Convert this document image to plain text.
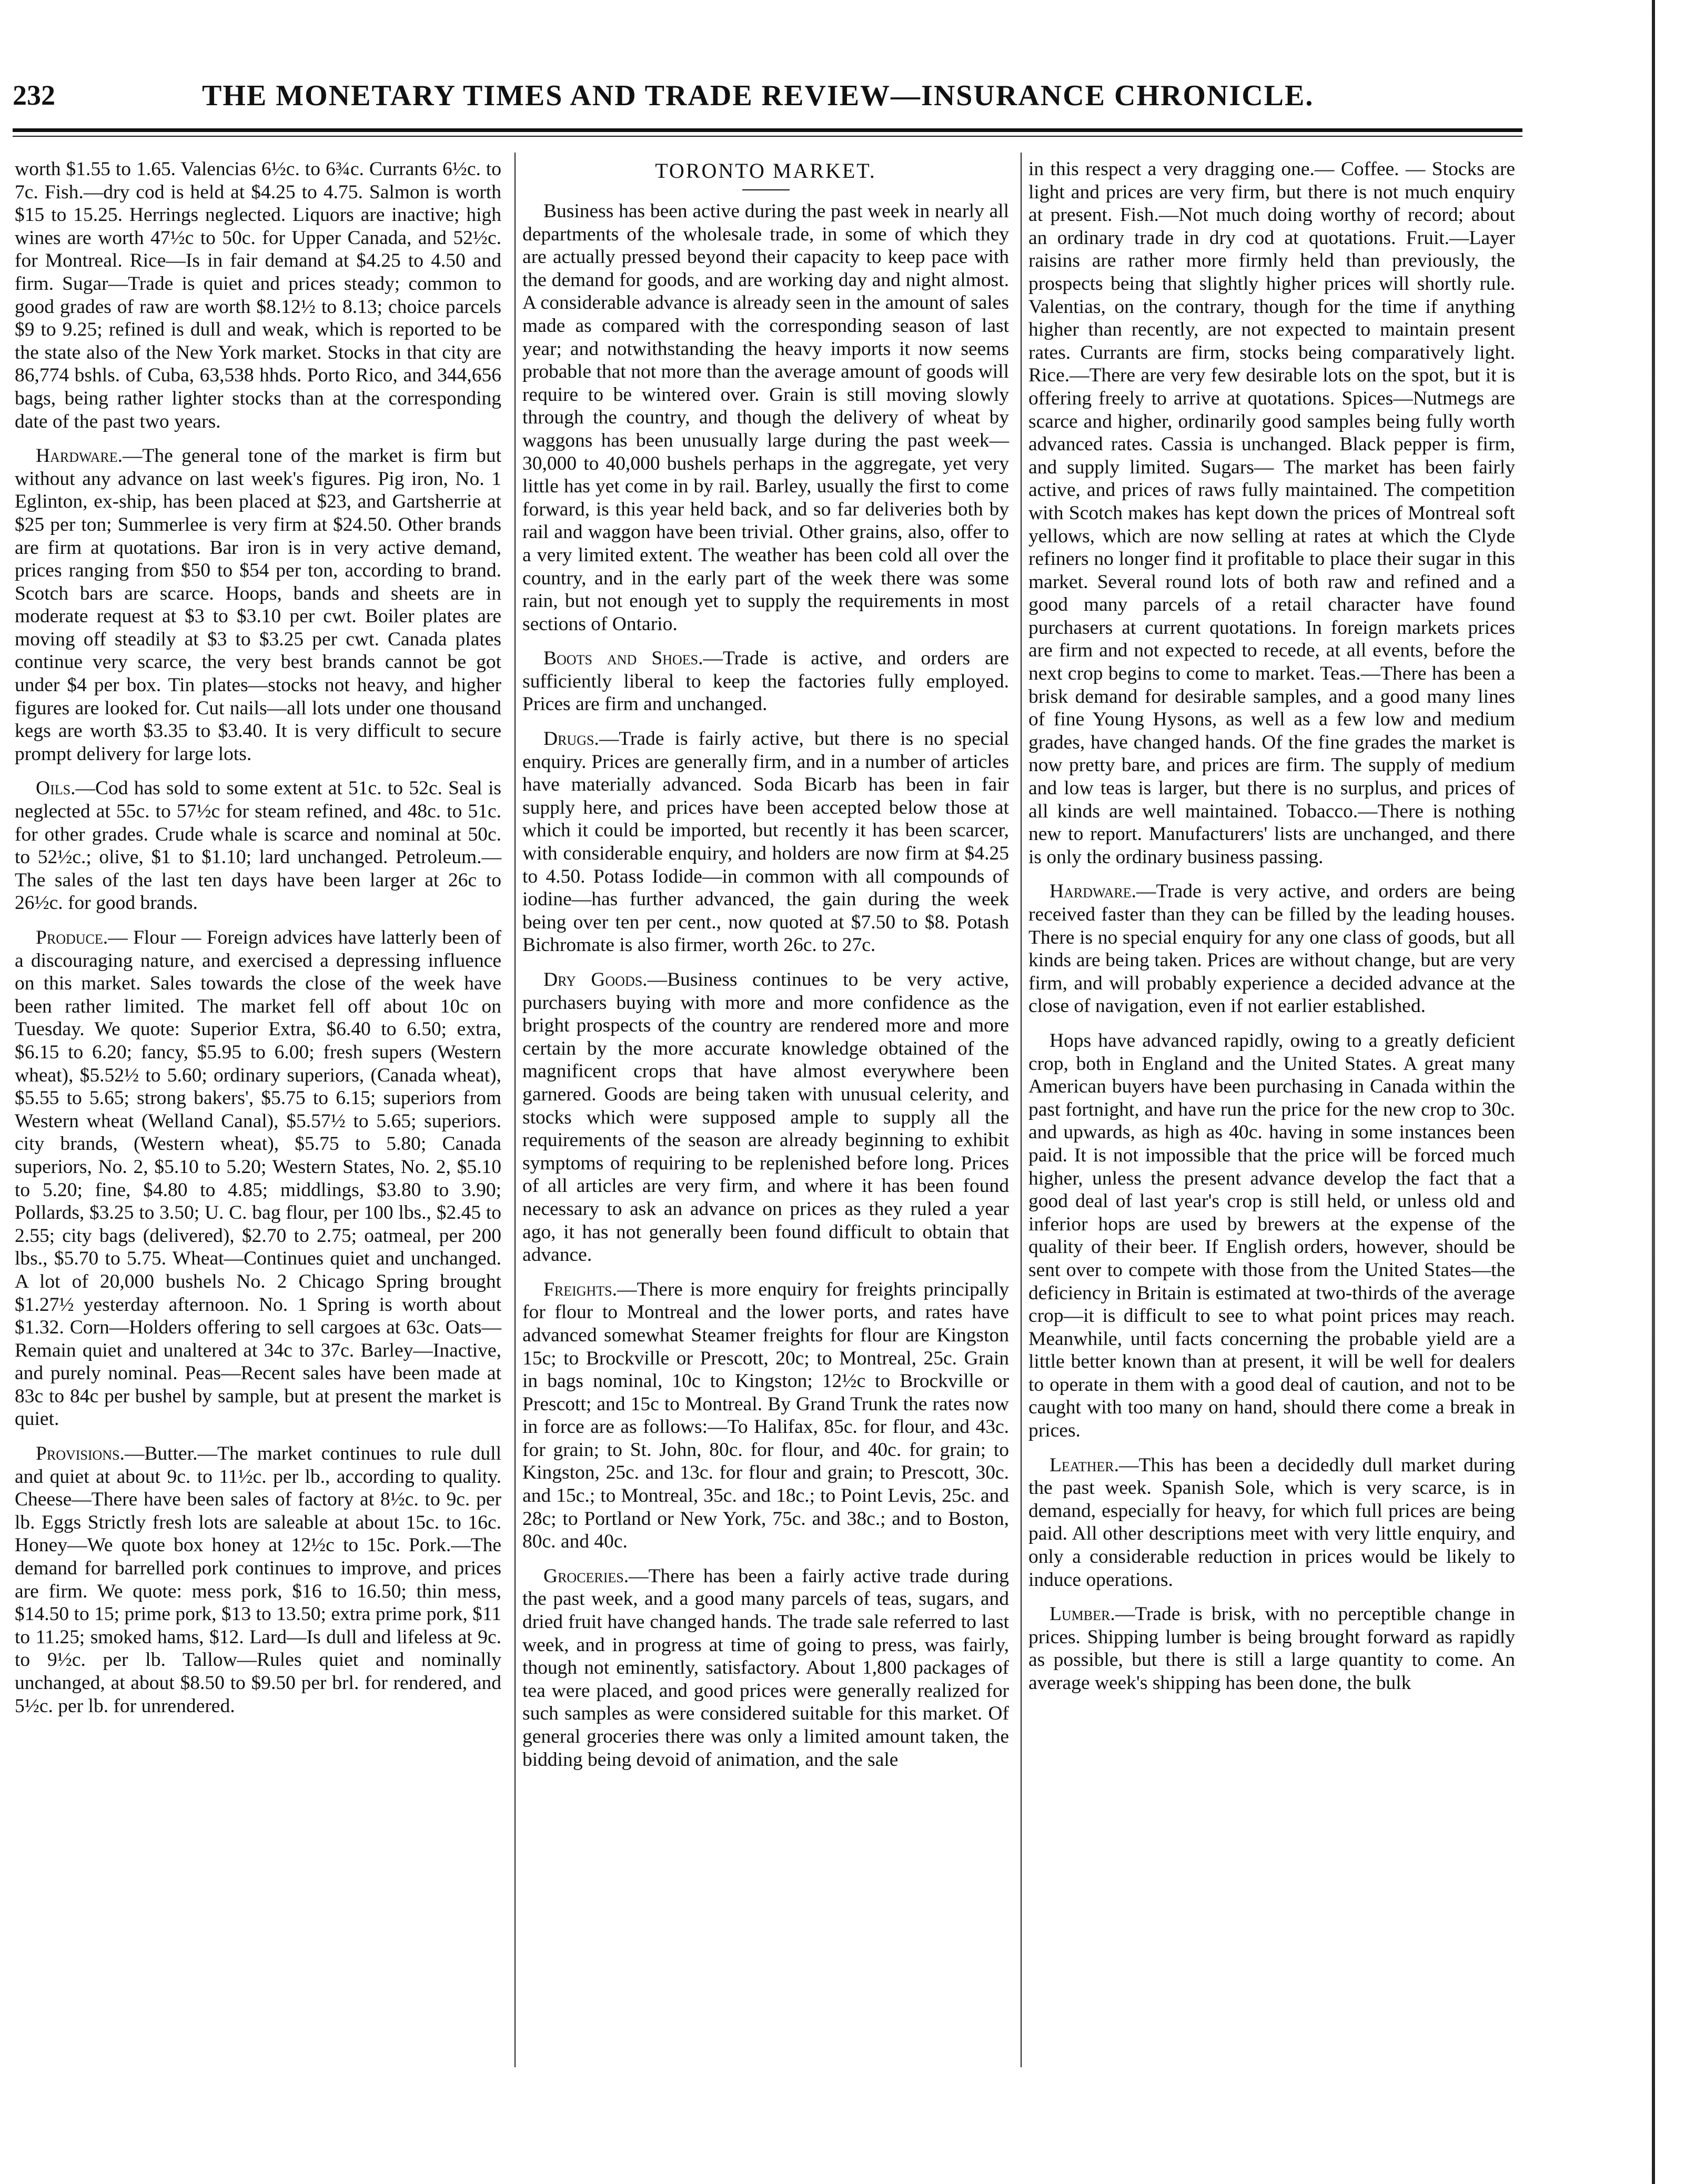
232	THE MONETARY TIMES AND TRADE REVIEW—INSURANCE CHRONICLE.

worth $1.55 to 1.65. Valencias 6½c. to 6¾c. Currants 6½c. to 7c. Fish.—dry cod is held at $4.25 to 4.75. Salmon is worth $15 to 15.25. Herrings neglected. Liquors are inactive; high wines are worth 47½c to 50c. for Upper Canada, and 52½c. for Montreal. Rice—Is in fair demand at $4.25 to 4.50 and firm. Sugar—Trade is quiet and prices steady; common to good grades of raw are worth $8.12½ to 8.13; choice parcels $9 to 9.25; refined is dull and weak, which is reported to be the state also of the New York market. Stocks in that city are 86,774 bshls. of Cuba, 63,538 hhds. Porto Rico, and 344,656 bags, being rather lighter stocks than at the corresponding date of the past two years.

Hardware.—The general tone of the market is firm but without any advance on last week's figures. Pig iron, No. 1 Eglinton, ex-ship, has been placed at $23, and Gartsherrie at $25 per ton; Summerlee is very firm at $24.50. Other brands are firm at quotations. Bar iron is in very active demand, prices ranging from $50 to $54 per ton, according to brand. Scotch bars are scarce. Hoops, bands and sheets are in moderate request at $3 to $3.10 per cwt. Boiler plates are moving off steadily at $3 to $3.25 per cwt. Canada plates continue very scarce, the very best brands cannot be got under $4 per box. Tin plates—stocks not heavy, and higher figures are looked for. Cut nails—all lots under one thousand kegs are worth $3.35 to $3.40. It is very difficult to secure prompt delivery for large lots.

Oils.—Cod has sold to some extent at 51c. to 52c. Seal is neglected at 55c. to 57½c for steam refined, and 48c. to 51c. for other grades. Crude whale is scarce and nominal at 50c. to 52½c.; olive, $1 to $1.10; lard unchanged. Petroleum.—The sales of the last ten days have been larger at 26c to 26½c. for good brands.

Produce.— Flour — Foreign advices have latterly been of a discouraging nature, and exercised a depressing influence on this market. Sales towards the close of the week have been rather limited. The market fell off about 10c on Tuesday. We quote: Superior Extra, $6.40 to 6.50; extra, $6.15 to 6.20; fancy, $5.95 to 6.00; fresh supers (Western wheat), $5.52½ to 5.60; ordinary superiors, (Canada wheat), $5.55 to 5.65; strong bakers', $5.75 to 6.15; superiors from Western wheat (Welland Canal), $5.57½ to 5.65; superiors. city brands, (Western wheat), $5.75 to 5.80; Canada superiors, No. 2, $5.10 to 5.20; Western States, No. 2, $5.10 to 5.20; fine, $4.80 to 4.85; middlings, $3.80 to 3.90; Pollards, $3.25 to 3.50; U. C. bag flour, per 100 lbs., $2.45 to 2.55; city bags (delivered), $2.70 to 2.75; oatmeal, per 200 lbs., $5.70 to 5.75. Wheat—Continues quiet and unchanged. A lot of 20,000 bushels No. 2 Chicago Spring brought $1.27½ yesterday afternoon. No. 1 Spring is worth about $1.32. Corn—Holders offering to sell cargoes at 63c. Oats—Remain quiet and unaltered at 34c to 37c. Barley—Inactive, and purely nominal. Peas—Recent sales have been made at 83c to 84c per bushel by sample, but at present the market is quiet.

Provisions.—Butter.—The market continues to rule dull and quiet at about 9c. to 11½c. per lb., according to quality. Cheese—There have been sales of factory at 8½c. to 9c. per lb. Eggs Strictly fresh lots are saleable at about 15c. to 16c. Honey—We quote box honey at 12½c to 15c. Pork.—The demand for barrelled pork continues to improve, and prices are firm. We quote: mess pork, $16 to 16.50; thin mess, $14.50 to 15; prime pork, $13 to 13.50; extra prime pork, $11 to 11.25; smoked hams, $12. Lard—Is dull and lifeless at 9c. to 9½c. per lb. Tallow—Rules quiet and nominally unchanged, at about $8.50 to $9.50 per brl. for rendered, and 5½c. per lb. for unrendered.

TORONTO MARKET.

Business has been active during the past week in nearly all departments of the wholesale trade, in some of which they are actually pressed beyond their capacity to keep pace with the demand for goods, and are working day and night almost. A considerable advance is already seen in the amount of sales made as compared with the corresponding season of last year; and notwithstanding the heavy imports it now seems probable that not more than the average amount of goods will require to be wintered over. Grain is still moving slowly through the country, and though the delivery of wheat by waggons has been unusually large during the past week—30,000 to 40,000 bushels perhaps in the aggregate, yet very little has yet come in by rail. Barley, usually the first to come forward, is this year held back, and so far deliveries both by rail and waggon have been trivial. Other grains, also, offer to a very limited extent. The weather has been cold all over the country, and in the early part of the week there was some rain, but not enough yet to supply the requirements in most sections of Ontario.

Boots and Shoes.—Trade is active, and orders are sufficiently liberal to keep the factories fully employed. Prices are firm and unchanged.

Drugs.—Trade is fairly active, but there is no special enquiry. Prices are generally firm, and in a number of articles have materially advanced. Soda Bicarb has been in fair supply here, and prices have been accepted below those at which it could be imported, but recently it has been scarcer, with considerable enquiry, and holders are now firm at $4.25 to 4.50. Potass Iodide—in common with all compounds of iodine—has further advanced, the gain during the week being over ten per cent., now quoted at $7.50 to $8. Potash Bichromate is also firmer, worth 26c. to 27c.

Dry Goods.—Business continues to be very active, purchasers buying with more and more confidence as the bright prospects of the country are rendered more and more certain by the more accurate knowledge obtained of the magnificent crops that have almost everywhere been garnered. Goods are being taken with unusual celerity, and stocks which were supposed ample to supply all the requirements of the season are already beginning to exhibit symptoms of requiring to be replenished before long. Prices of all articles are very firm, and where it has been found necessary to ask an advance on prices as they ruled a year ago, it has not generally been found difficult to obtain that advance.

Freights.—There is more enquiry for freights principally for flour to Montreal and the lower ports, and rates have advanced somewhat Steamer freights for flour are Kingston 15c; to Brockville or Prescott, 20c; to Montreal, 25c. Grain in bags nominal, 10c to Kingston; 12½c to Brockville or Prescott; and 15c to Montreal. By Grand Trunk the rates now in force are as follows:—To Halifax, 85c. for flour, and 43c. for grain; to St. John, 80c. for flour, and 40c. for grain; to Kingston, 25c. and 13c. for flour and grain; to Prescott, 30c. and 15c.; to Montreal, 35c. and 18c.; to Point Levis, 25c. and 28c; to Portland or New York, 75c. and 38c.; and to Boston, 80c. and 40c.

Groceries.—There has been a fairly active trade during the past week, and a good many parcels of teas, sugars, and dried fruit have changed hands. The trade sale referred to last week, and in progress at time of going to press, was fairly, though not eminently, satisfactory. About 1,800 packages of tea were placed, and good prices were generally realized for such samples as were considered suitable for this market. Of general groceries there was only a limited amount taken, the bidding being devoid of animation, and the sale

in this respect a very dragging one.— Coffee. — Stocks are light and prices are very firm, but there is not much enquiry at present. Fish.—Not much doing worthy of record; about an ordinary trade in dry cod at quotations. Fruit.—Layer raisins are rather more firmly held than previously, the prospects being that slightly higher prices will shortly rule. Valentias, on the contrary, though for the time if anything higher than recently, are not expected to maintain present rates. Currants are firm, stocks being comparatively light. Rice.—There are very few desirable lots on the spot, but it is offering freely to arrive at quotations. Spices—Nutmegs are scarce and higher, ordinarily good samples being fully worth advanced rates. Cassia is unchanged. Black pepper is firm, and supply limited. Sugars— The market has been fairly active, and prices of raws fully maintained. The competition with Scotch makes has kept down the prices of Montreal soft yellows, which are now selling at rates at which the Clyde refiners no longer find it profitable to place their sugar in this market. Several round lots of both raw and refined and a good many parcels of a retail character have found purchasers at current quotations. In foreign markets prices are firm and not expected to recede, at all events, before the next crop begins to come to market. Teas.—There has been a brisk demand for desirable samples, and a good many lines of fine Young Hysons, as well as a few low and medium grades, have changed hands. Of the fine grades the market is now pretty bare, and prices are firm. The supply of medium and low teas is larger, but there is no surplus, and prices of all kinds are well maintained. Tobacco.—There is nothing new to report. Manufacturers' lists are unchanged, and there is only the ordinary business passing.

Hardware.—Trade is very active, and orders are being received faster than they can be filled by the leading houses. There is no special enquiry for any one class of goods, but all kinds are being taken. Prices are without change, but are very firm, and will probably experience a decided advance at the close of navigation, even if not earlier established.

Hops have advanced rapidly, owing to a greatly deficient crop, both in England and the United States. A great many American buyers have been purchasing in Canada within the past fortnight, and have run the price for the new crop to 30c. and upwards, as high as 40c. having in some instances been paid. It is not impossible that the price will be forced much higher, unless the present advance develop the fact that a good deal of last year's crop is still held, or unless old and inferior hops are used by brewers at the expense of the quality of their beer. If English orders, however, should be sent over to compete with those from the United States—the deficiency in Britain is estimated at two-thirds of the average crop—it is difficult to see to what point prices may reach. Meanwhile, until facts concerning the probable yield are a little better known than at present, it will be well for dealers to operate in them with a good deal of caution, and not to be caught with too many on hand, should there come a break in prices.

Leather.—This has been a decidedly dull market during the past week. Spanish Sole, which is very scarce, is in demand, especially for heavy, for which full prices are being paid. All other descriptions meet with very little enquiry, and only a considerable reduction in prices would be likely to induce operations.

Lumber.—Trade is brisk, with no perceptible change in prices. Shipping lumber is being brought forward as rapidly as possible, but there is still a large quantity to come. An average week's shipping has been done, the bulk
